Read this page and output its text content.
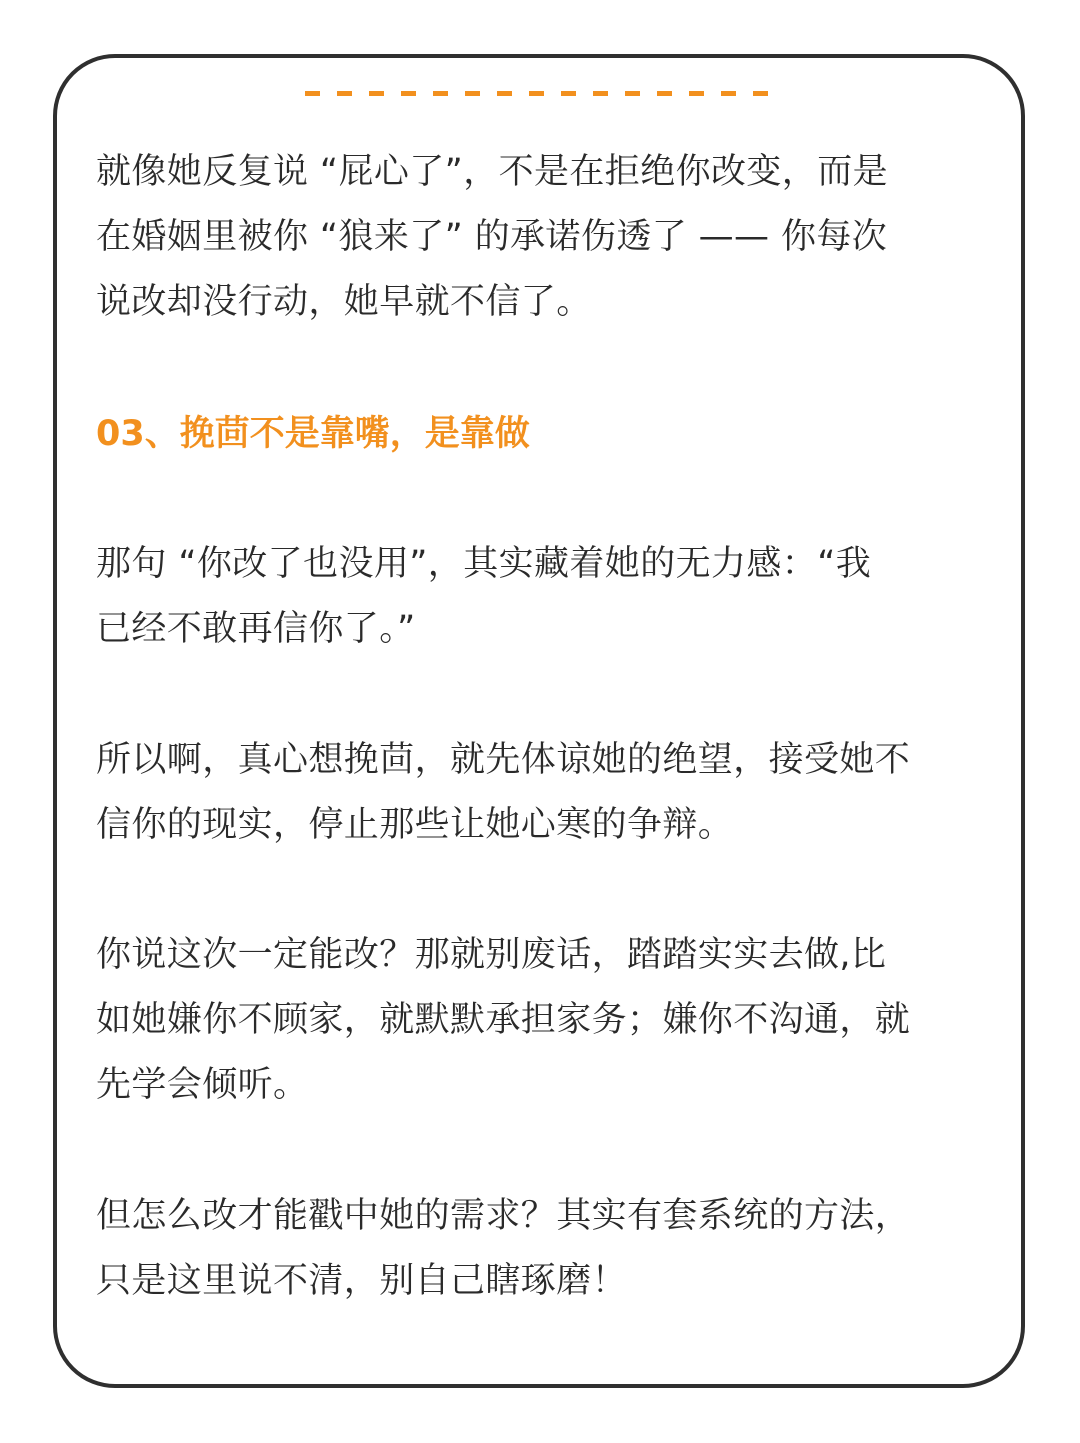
就像她反复说 “屁心了”，不是在拒绝你改变，而是
在婚姻里被你 “狼来了” 的承诺伤透了 —— 你每次
说改却没行动，她早就不信了。

03、挽茴不是靠嘴，是靠做

那句 “你改了也没用”，其实藏着她的无力感：“我
已经不敢再信你了。”

所以啊，真心想挽茴，就先体谅她的绝望，接受她不
信你的现实，停止那些让她心寒的争辩。

你说这次一定能改？那就别废话，踏踏实实去做,比
如她嫌你不顾家，就默默承担家务；嫌你不沟通，就
先学会倾听。

但怎么改才能戳中她的需求？其实有套系统的方法，
只是这里说不清，别自己瞎琢磨！
